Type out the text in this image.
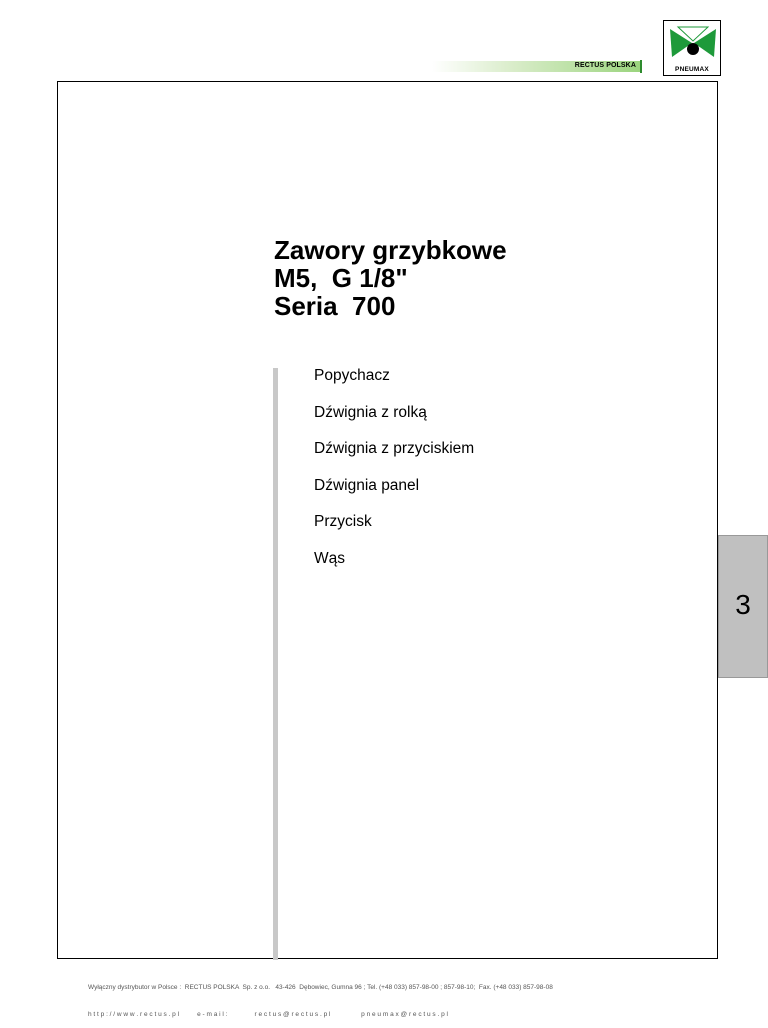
RECTUS POLSKA
PNEUMAX
Zawory grzybkowe
M5,  G 1/8"
Seria  700
Popychacz
Dźwignia z rolką
Dźwignia z przyciskiem
Dźwignia panel
Przycisk
Wąs
3

Wyłączny dystrybutor w Polsce :  RECTUS POLSKA  Sp. z o.o.   43-426  Dębowiec, Gumna 96 ; Tel. (+48 033) 857-98-00 ; 857-98-10;  Fax. (+48 033) 857-98-08

h t t p : / / w w w . r e c t u s . p l          e - m a i l :               r e c t u s @ r e c t u s . p l                 p n e u m a x @ r e c t u s . p l
